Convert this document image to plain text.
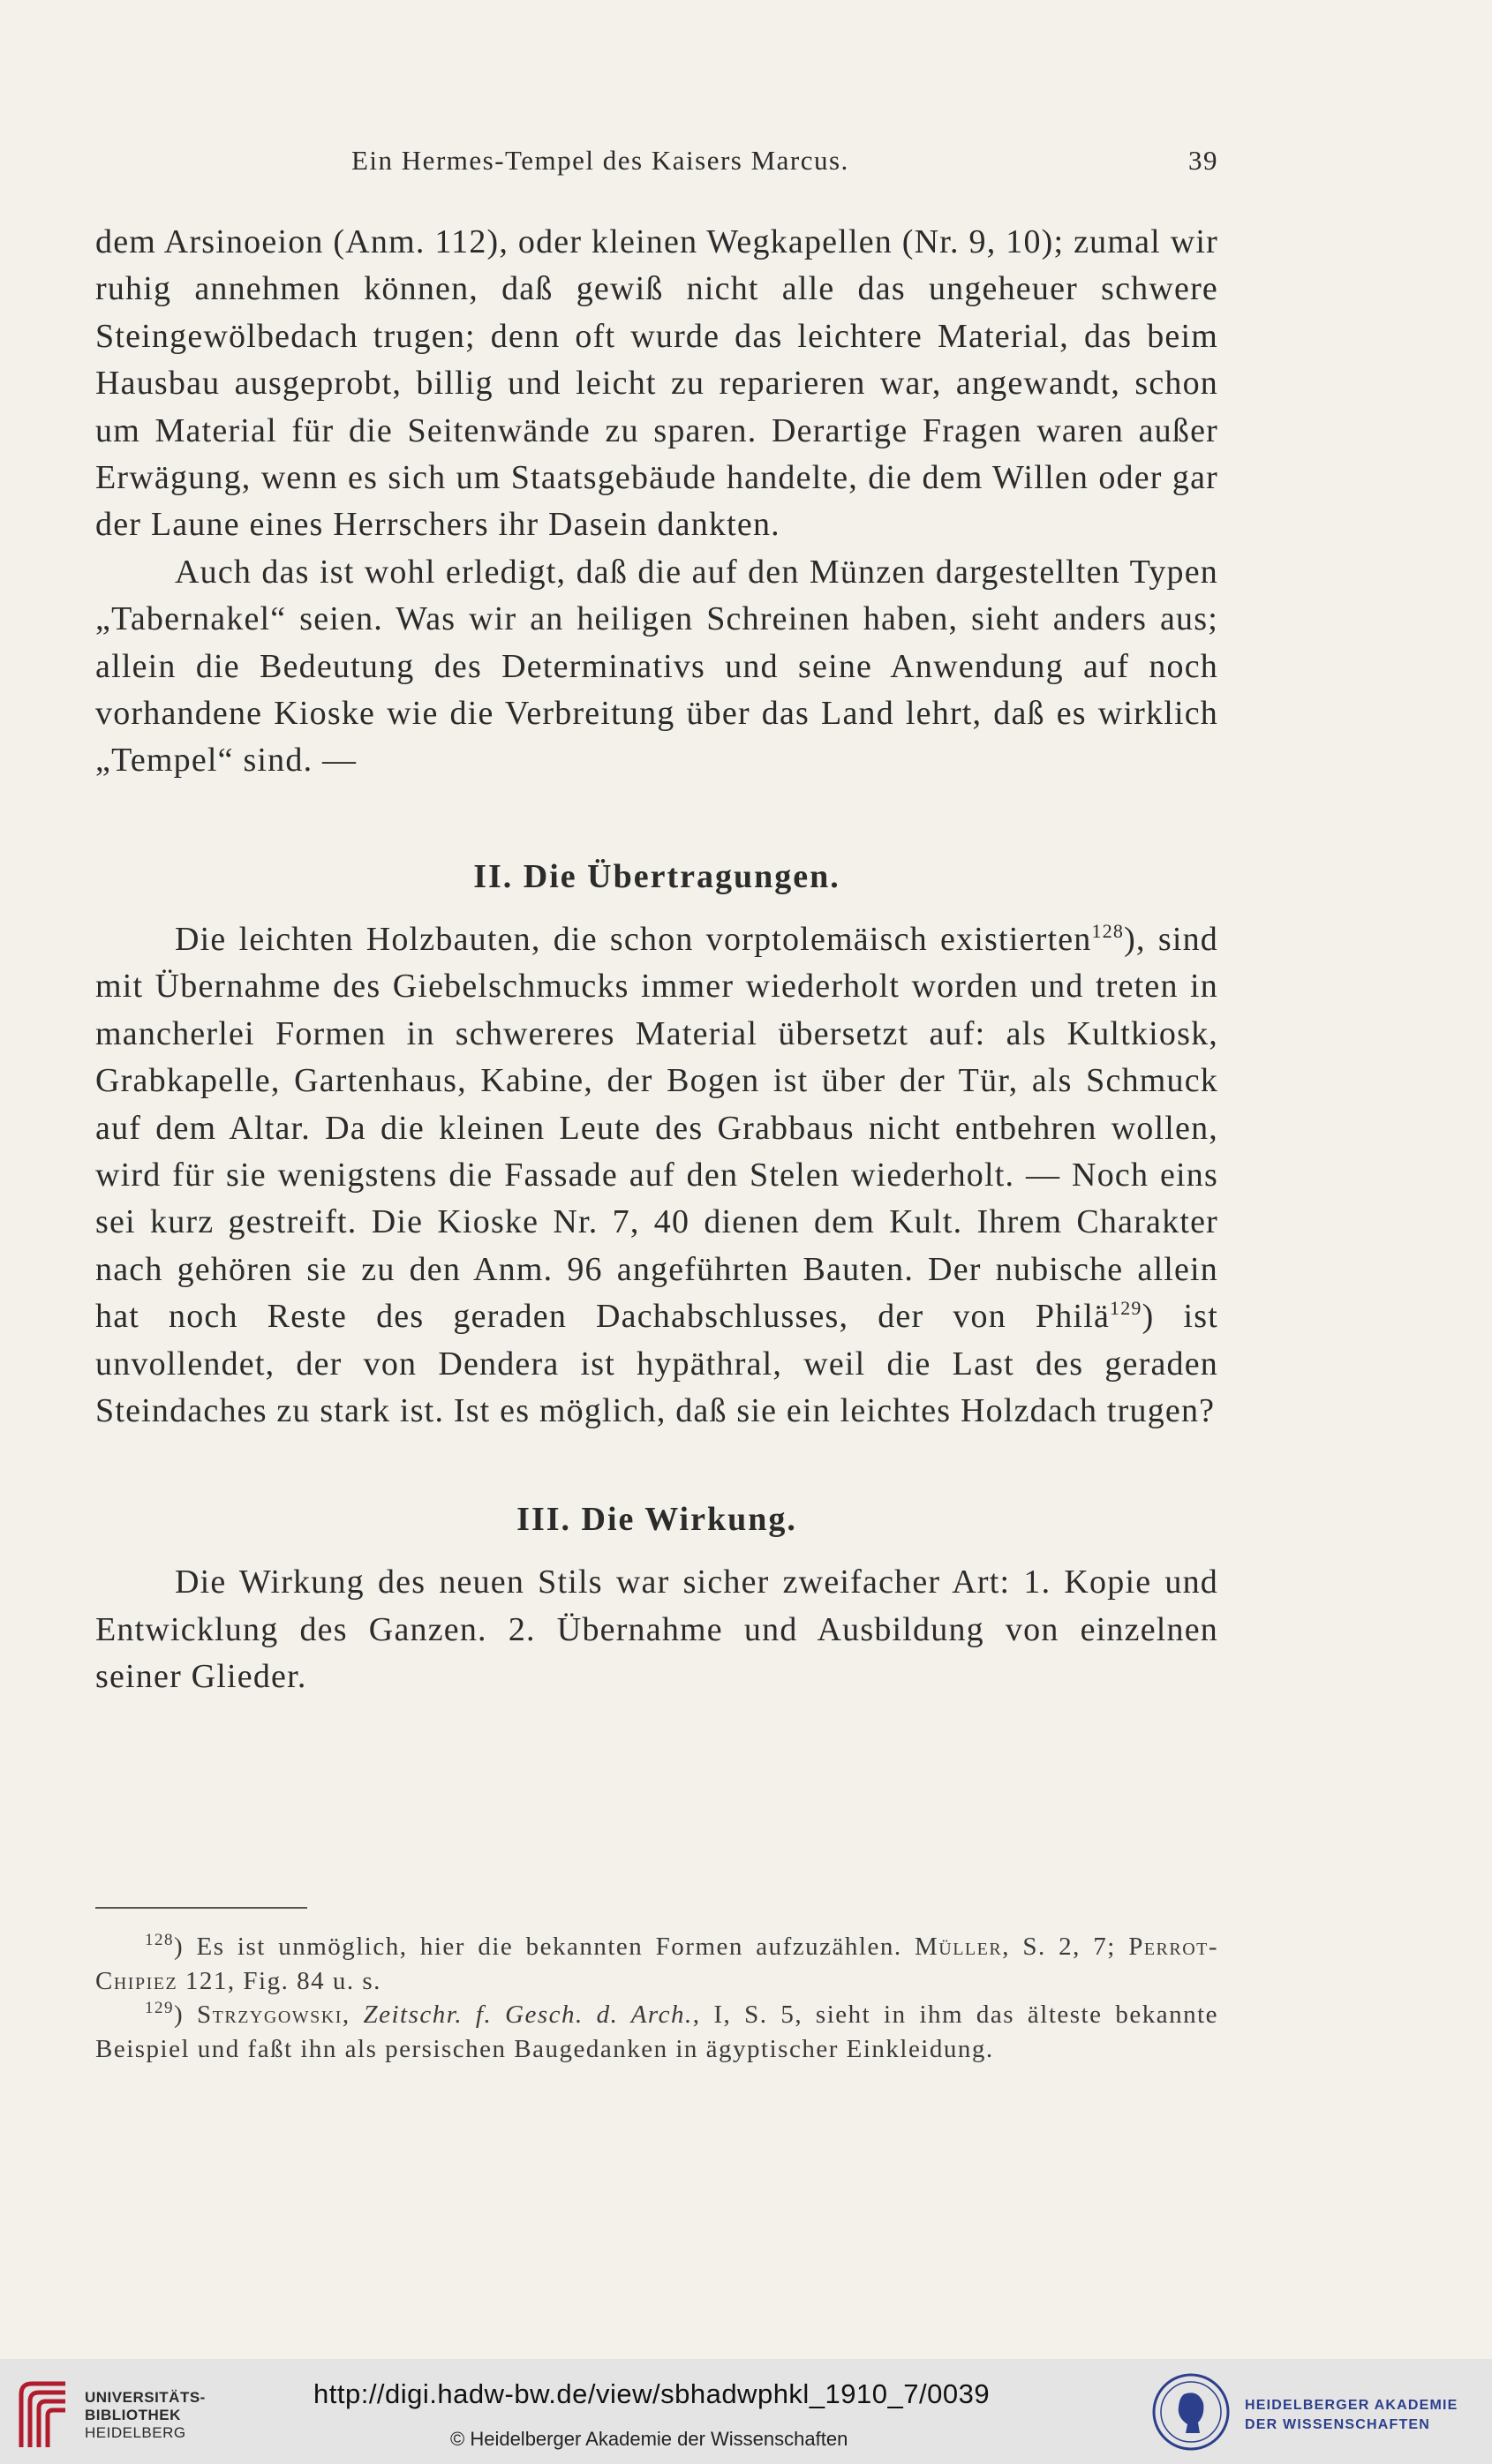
Ein Hermes-Tempel des Kaisers Marcus.	39

dem Arsinoeion (Anm. 112), oder kleinen Wegkapellen (Nr. 9, 10); zumal wir ruhig annehmen können, daß gewiß nicht alle das ungeheuer schwere Steingewölbedach trugen; denn oft wurde das leichtere Material, das beim Hausbau ausgeprobt, billig und leicht zu reparieren war, angewandt, schon um Material für die Seitenwände zu sparen. Derartige Fragen waren außer Erwägung, wenn es sich um Staatsgebäude handelte, die dem Willen oder gar der Laune eines Herrschers ihr Dasein dankten.

Auch das ist wohl erledigt, daß die auf den Münzen dargestellten Typen „Tabernakel“ seien. Was wir an heiligen Schreinen haben, sieht anders aus; allein die Bedeutung des Determinativs und seine Anwendung auf noch vorhandene Kioske wie die Verbreitung über das Land lehrt, daß es wirklich „Tempel“ sind. —

II. Die Übertragungen.

Die leichten Holzbauten, die schon vorptolemäisch existierten$^{128}$), sind mit Übernahme des Giebelschmucks immer wiederholt worden und treten in mancherlei Formen in schwereres Material übersetzt auf: als Kultkiosk, Grabkapelle, Gartenhaus, Kabine, der Bogen ist über der Tür, als Schmuck auf dem Altar. Da die kleinen Leute des Grabbaus nicht entbehren wollen, wird für sie wenigstens die Fassade auf den Stelen wiederholt. — Noch eins sei kurz gestreift. Die Kioske Nr. 7, 40 dienen dem Kult. Ihrem Charakter nach gehören sie zu den Anm. 96 angeführten Bauten. Der nubische allein hat noch Reste des geraden Dachabschlusses, der von Philä$^{129}$) ist unvollendet, der von Dendera ist hypäthral, weil die Last des geraden Steindaches zu stark ist. Ist es möglich, daß sie ein leichtes Holzdach trugen?

III. Die Wirkung.

Die Wirkung des neuen Stils war sicher zweifacher Art: 1. Kopie und Entwicklung des Ganzen. 2. Übernahme und Ausbildung von einzelnen seiner Glieder.

$^{128}$) Es ist unmöglich, hier die bekannten Formen aufzuzählen. Müller, S. 2, 7; Perrot-Chipiez 121, Fig. 84 u. s.

$^{129}$) Strzygowski, Zeitschr. f. Gesch. d. Arch., I, S. 5, sieht in ihm das älteste bekannte Beispiel und faßt ihn als persischen Baugedanken in ägyptischer Einkleidung.

UNIVERSITÄTS-
BIBLIOTHEK
HEIDELBERG
http://digi.hadw-bw.de/view/sbhadwphkl_1910_7/0039
© Heidelberger Akademie der Wissenschaften
HEIDELBERGER AKADEMIE
DER WISSENSCHAFTEN
